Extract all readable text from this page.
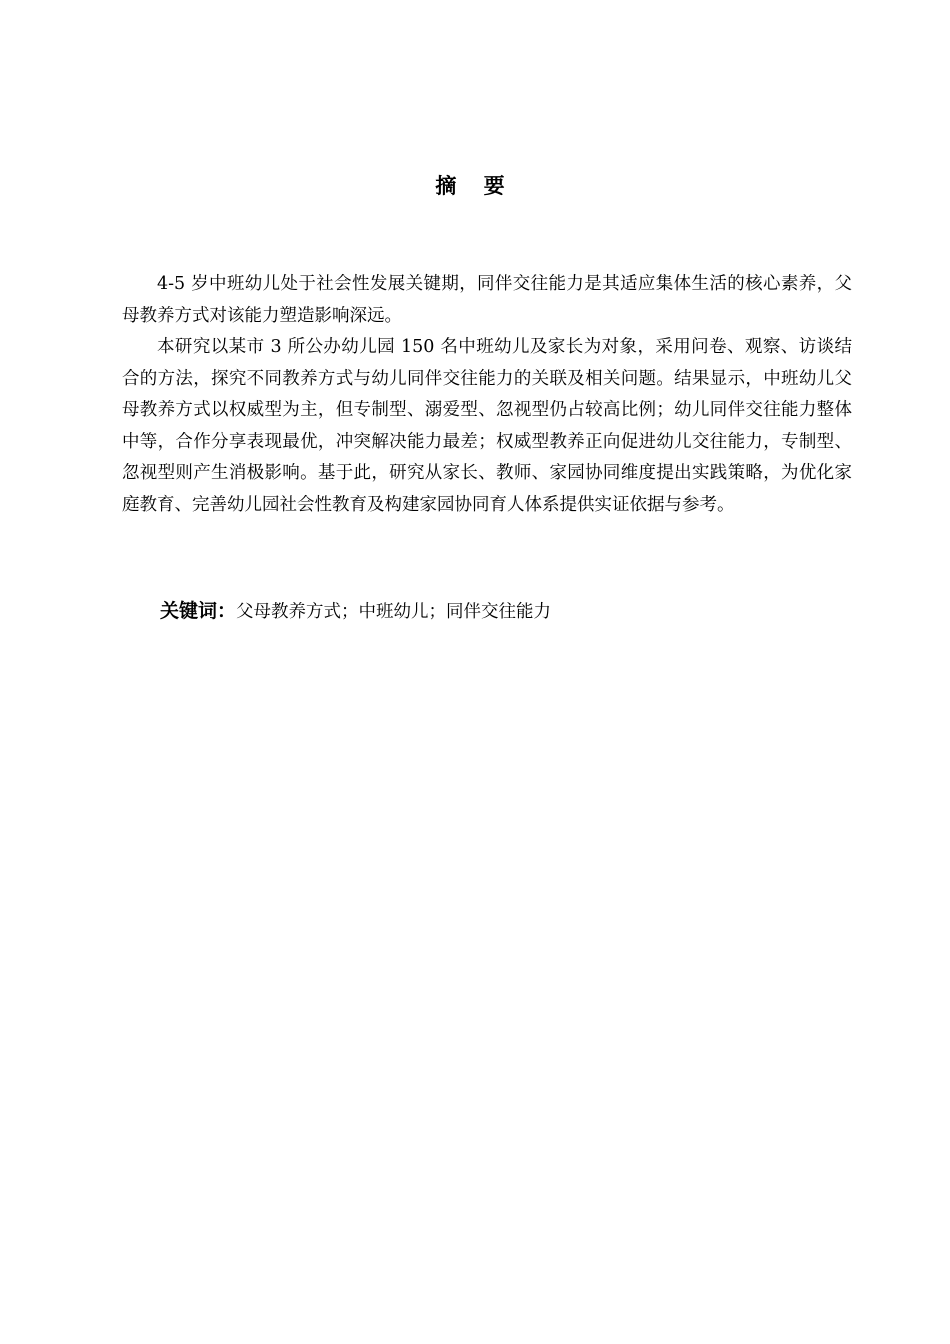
摘 要

4-5 岁中班幼儿处于社会性发展关键期，同伴交往能力是其适应集体生活的核心素养，父母教养方式对该能力塑造影响深远。

本研究以某市 3 所公办幼儿园 150 名中班幼儿及家长为对象，采用问卷、观察、访谈结合的方法，探究不同教养方式与幼儿同伴交往能力的关联及相关问题。结果显示，中班幼儿父母教养方式以权威型为主，但专制型、溺爱型、忽视型仍占较高比例；幼儿同伴交往能力整体中等，合作分享表现最优，冲突解决能力最差；权威型教养正向促进幼儿交往能力，专制型、忽视型则产生消极影响。基于此，研究从家长、教师、家园协同维度提出实践策略，为优化家庭教育、完善幼儿园社会性教育及构建家园协同育人体系提供实证依据与参考。

关键词：父母教养方式；中班幼儿；同伴交往能力
